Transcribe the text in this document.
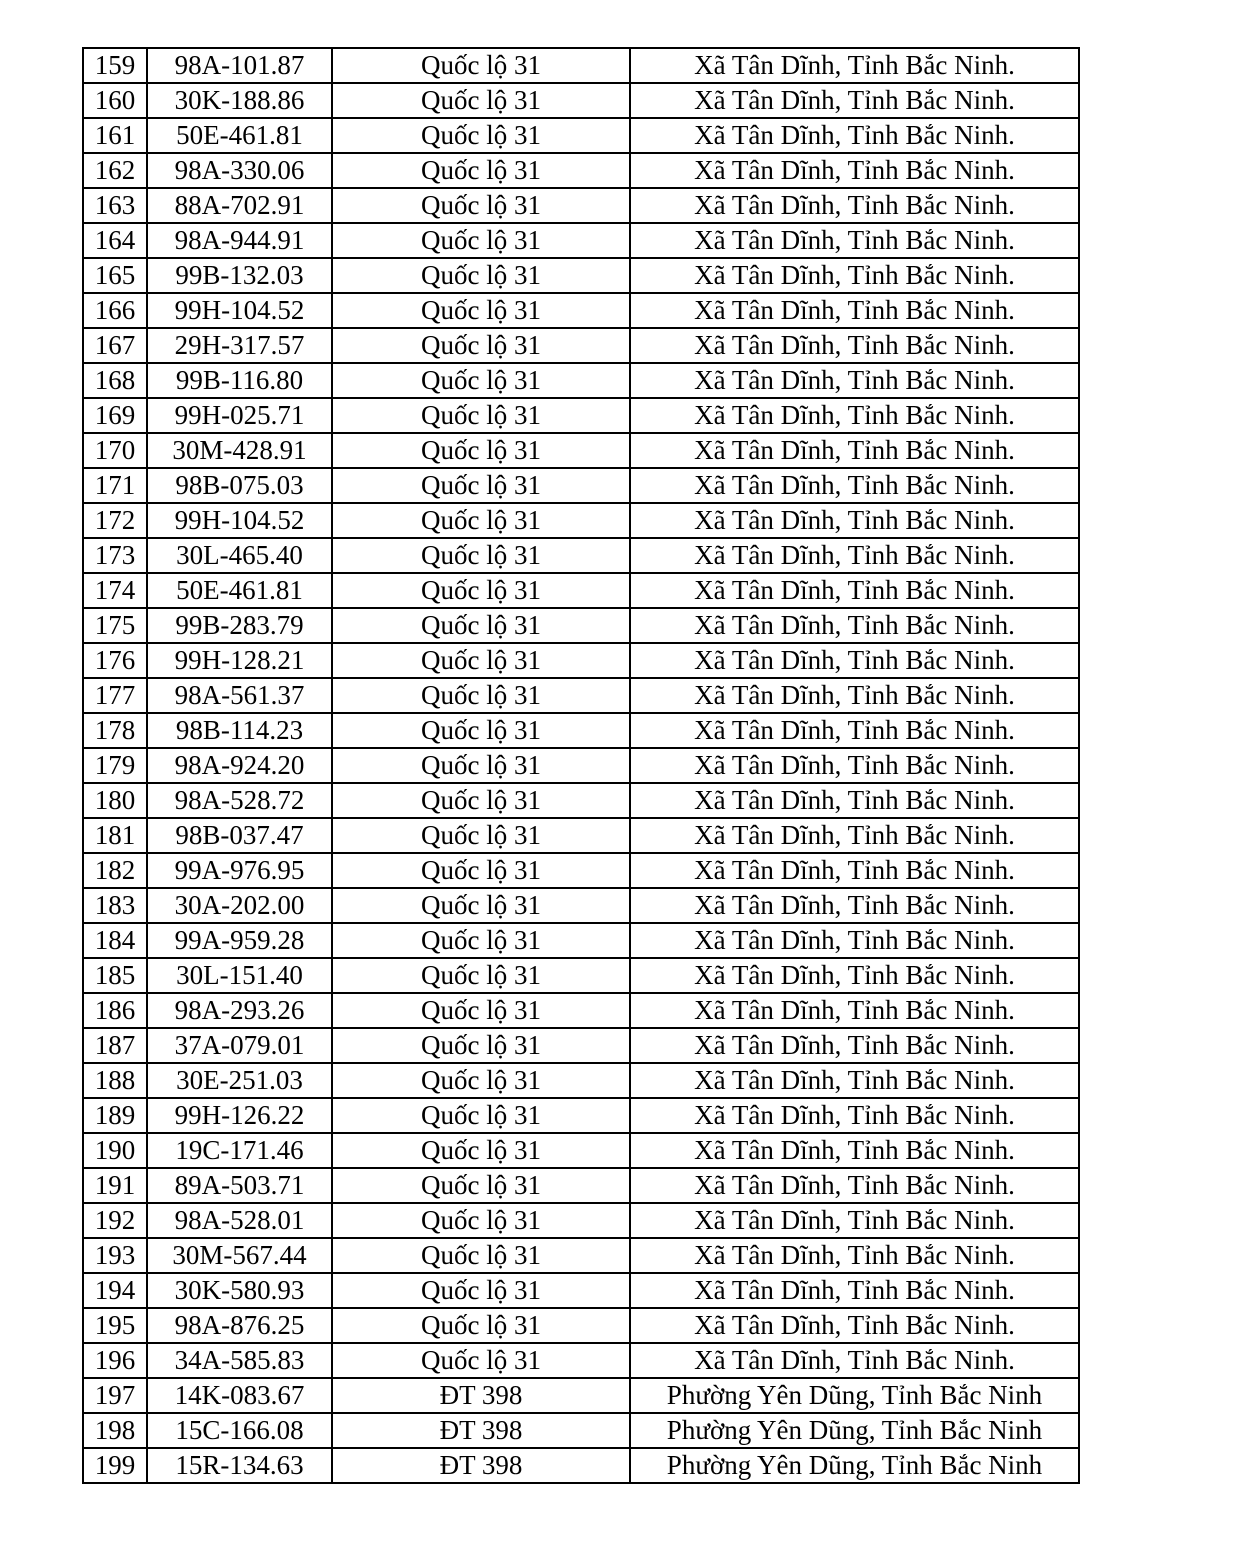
159	98A-101.87	Quốc lộ 31	Xã Tân Dĩnh, Tỉnh Bắc Ninh.
160	30K-188.86	Quốc lộ 31	Xã Tân Dĩnh, Tỉnh Bắc Ninh.
161	50E-461.81	Quốc lộ 31	Xã Tân Dĩnh, Tỉnh Bắc Ninh.
162	98A-330.06	Quốc lộ 31	Xã Tân Dĩnh, Tỉnh Bắc Ninh.
163	88A-702.91	Quốc lộ 31	Xã Tân Dĩnh, Tỉnh Bắc Ninh.
164	98A-944.91	Quốc lộ 31	Xã Tân Dĩnh, Tỉnh Bắc Ninh.
165	99B-132.03	Quốc lộ 31	Xã Tân Dĩnh, Tỉnh Bắc Ninh.
166	99H-104.52	Quốc lộ 31	Xã Tân Dĩnh, Tỉnh Bắc Ninh.
167	29H-317.57	Quốc lộ 31	Xã Tân Dĩnh, Tỉnh Bắc Ninh.
168	99B-116.80	Quốc lộ 31	Xã Tân Dĩnh, Tỉnh Bắc Ninh.
169	99H-025.71	Quốc lộ 31	Xã Tân Dĩnh, Tỉnh Bắc Ninh.
170	30M-428.91	Quốc lộ 31	Xã Tân Dĩnh, Tỉnh Bắc Ninh.
171	98B-075.03	Quốc lộ 31	Xã Tân Dĩnh, Tỉnh Bắc Ninh.
172	99H-104.52	Quốc lộ 31	Xã Tân Dĩnh, Tỉnh Bắc Ninh.
173	30L-465.40	Quốc lộ 31	Xã Tân Dĩnh, Tỉnh Bắc Ninh.
174	50E-461.81	Quốc lộ 31	Xã Tân Dĩnh, Tỉnh Bắc Ninh.
175	99B-283.79	Quốc lộ 31	Xã Tân Dĩnh, Tỉnh Bắc Ninh.
176	99H-128.21	Quốc lộ 31	Xã Tân Dĩnh, Tỉnh Bắc Ninh.
177	98A-561.37	Quốc lộ 31	Xã Tân Dĩnh, Tỉnh Bắc Ninh.
178	98B-114.23	Quốc lộ 31	Xã Tân Dĩnh, Tỉnh Bắc Ninh.
179	98A-924.20	Quốc lộ 31	Xã Tân Dĩnh, Tỉnh Bắc Ninh.
180	98A-528.72	Quốc lộ 31	Xã Tân Dĩnh, Tỉnh Bắc Ninh.
181	98B-037.47	Quốc lộ 31	Xã Tân Dĩnh, Tỉnh Bắc Ninh.
182	99A-976.95	Quốc lộ 31	Xã Tân Dĩnh, Tỉnh Bắc Ninh.
183	30A-202.00	Quốc lộ 31	Xã Tân Dĩnh, Tỉnh Bắc Ninh.
184	99A-959.28	Quốc lộ 31	Xã Tân Dĩnh, Tỉnh Bắc Ninh.
185	30L-151.40	Quốc lộ 31	Xã Tân Dĩnh, Tỉnh Bắc Ninh.
186	98A-293.26	Quốc lộ 31	Xã Tân Dĩnh, Tỉnh Bắc Ninh.
187	37A-079.01	Quốc lộ 31	Xã Tân Dĩnh, Tỉnh Bắc Ninh.
188	30E-251.03	Quốc lộ 31	Xã Tân Dĩnh, Tỉnh Bắc Ninh.
189	99H-126.22	Quốc lộ 31	Xã Tân Dĩnh, Tỉnh Bắc Ninh.
190	19C-171.46	Quốc lộ 31	Xã Tân Dĩnh, Tỉnh Bắc Ninh.
191	89A-503.71	Quốc lộ 31	Xã Tân Dĩnh, Tỉnh Bắc Ninh.
192	98A-528.01	Quốc lộ 31	Xã Tân Dĩnh, Tỉnh Bắc Ninh.
193	30M-567.44	Quốc lộ 31	Xã Tân Dĩnh, Tỉnh Bắc Ninh.
194	30K-580.93	Quốc lộ 31	Xã Tân Dĩnh, Tỉnh Bắc Ninh.
195	98A-876.25	Quốc lộ 31	Xã Tân Dĩnh, Tỉnh Bắc Ninh.
196	34A-585.83	Quốc lộ 31	Xã Tân Dĩnh, Tỉnh Bắc Ninh.
197	14K-083.67	ĐT 398	Phường Yên Dũng, Tỉnh Bắc Ninh
198	15C-166.08	ĐT 398	Phường Yên Dũng, Tỉnh Bắc Ninh
199	15R-134.63	ĐT 398	Phường Yên Dũng, Tỉnh Bắc Ninh
